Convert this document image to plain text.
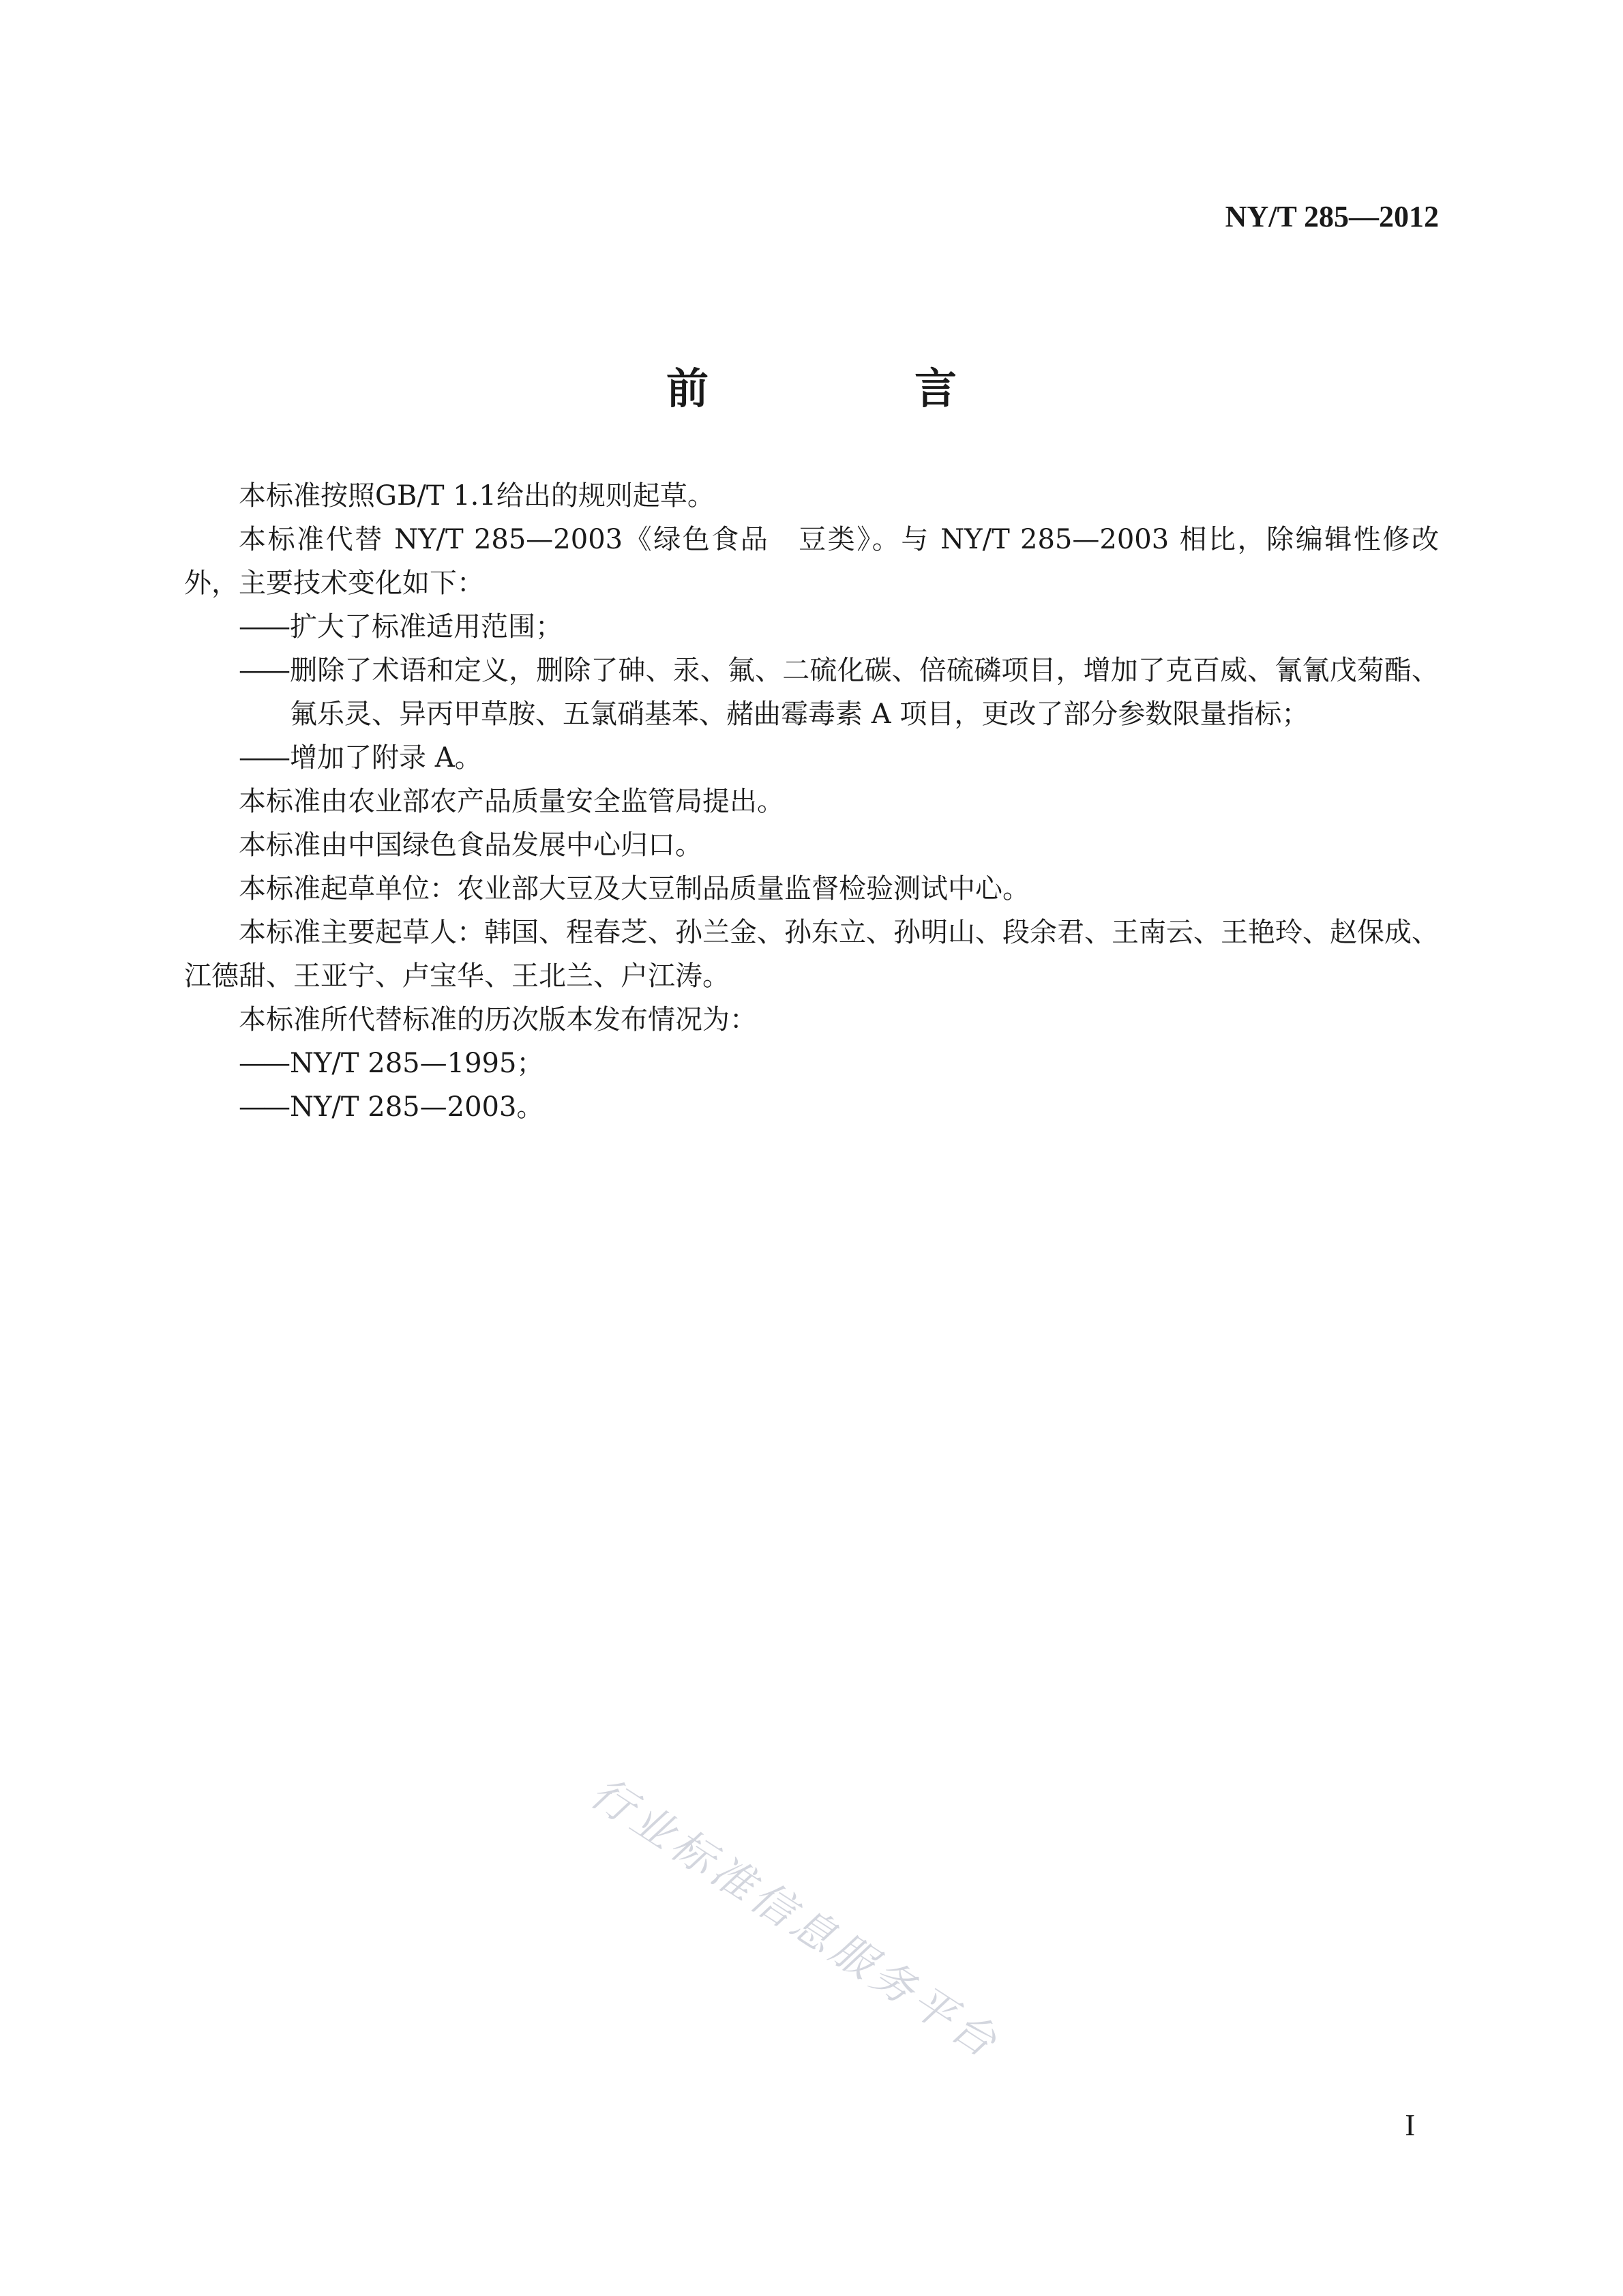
NY/T 285—2012
前　言

本标准按照GB/T 1.1给出的规则起草。

本标准代替 NY/T 285—2003《绿色食品　豆类》。与 NY/T 285—2003 相比，除编辑性修改外，主要技术变化如下：

——扩大了标准适用范围；

——删除了术语和定义，删除了砷、汞、氟、二硫化碳、倍硫磷项目，增加了克百威、氰氰戊菊酯、氟乐灵、异丙甲草胺、五氯硝基苯、赭曲霉毒素 A 项目，更改了部分参数限量指标；

——增加了附录 A。

本标准由农业部农产品质量安全监管局提出。

本标准由中国绿色食品发展中心归口。

本标准起草单位：农业部大豆及大豆制品质量监督检验测试中心。

本标准主要起草人：韩国、程春芝、孙兰金、孙东立、孙明山、段余君、王南云、王艳玲、赵保成、江德甜、王亚宁、卢宝华、王北兰、户江涛。

本标准所代替标准的历次版本发布情况为：

——NY/T 285—1995；

——NY/T 285—2003。

行业标准信息服务平台
I
